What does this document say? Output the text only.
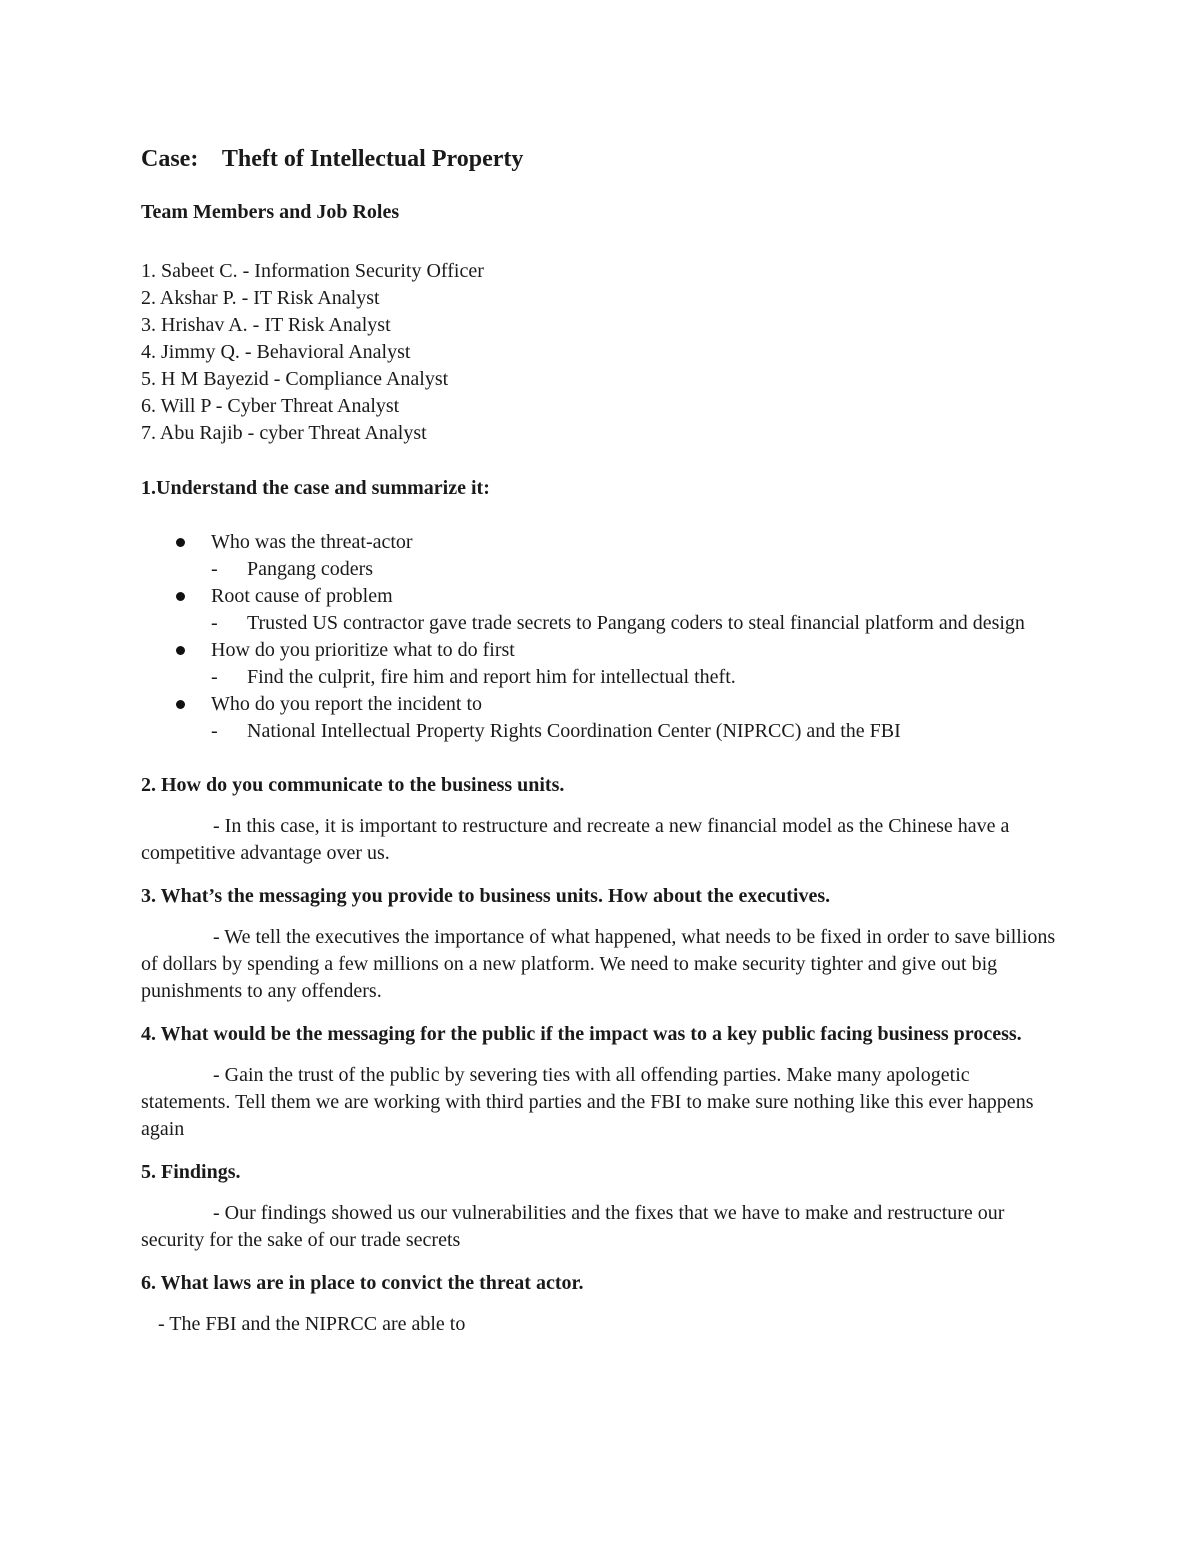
Case:    Theft of Intellectual Property
Team Members and Job Roles
1. Sabeet C. - Information Security Officer
2. Akshar P. - IT Risk Analyst
3. Hrishav A. - IT Risk Analyst
4. Jimmy Q. - Behavioral Analyst
5. H M Bayezid - Compliance Analyst
6. Will P - Cyber Threat Analyst
7. Abu Rajib - cyber Threat Analyst
1.Understand the case and summarize it:
Who was the threat-actor
- Pangang coders
Root cause of problem
- Trusted US contractor gave trade secrets to Pangang coders to steal financial platform and design
How do you prioritize what to do first
- Find the culprit, fire him and report him for intellectual theft.
Who do you report the incident to
- National Intellectual Property Rights Coordination Center (NIPRCC) and the FBI
2. How do you communicate to the business units.

- In this case, it is important to restructure and recreate a new financial model as the Chinese have a competitive advantage over us.

3. What’s the messaging you provide to business units. How about the executives.

- We tell the executives the importance of what happened, what needs to be fixed in order to save billions of dollars by spending a few millions on a new platform. We need to make security tighter and give out big punishments to any offenders.

4. What would be the messaging for the public if the impact was to a key public facing business process.

- Gain the trust of the public by severing ties with all offending parties. Make many apologetic statements. Tell them we are working with third parties and the FBI to make sure nothing like this ever happens again

5. Findings.

- Our findings showed us our vulnerabilities and the fixes that we have to make and restructure our security for the sake of our trade secrets

6. What laws are in place to convict the threat actor.

- The FBI and the NIPRCC are able to
